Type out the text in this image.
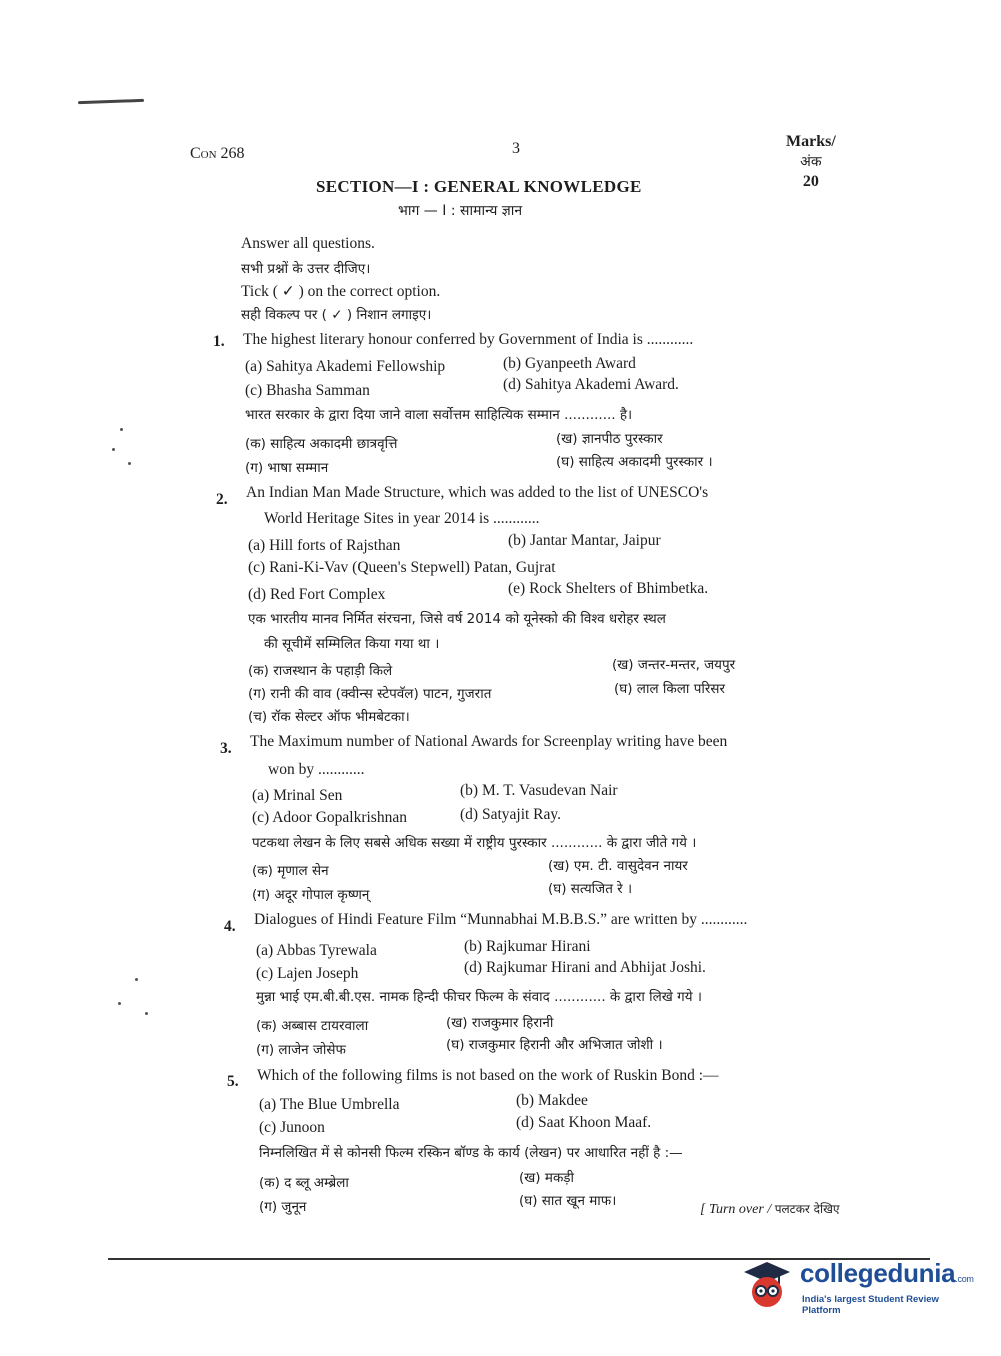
Con 268	3	Marks/
अंक
20
SECTION—I : GENERAL KNOWLEDGE
भाग — I : सामान्य ज्ञान
Answer all questions.
सभी प्रश्नों के उत्तर दीजिए।
Tick ( ✓ ) on the correct option.
सही विकल्प पर ( ✓ ) निशान लगाइए।
1. The highest literary honour conferred by Government of India is ............
(a) Sahitya Akademi Fellowship	(b) Gyanpeeth Award
(c) Bhasha Samman	(d) Sahitya Akademi Award.
भारत सरकार के द्वारा दिया जाने वाला सर्वोत्तम साहित्यिक सम्मान ............ है।
(क) साहित्य अकादमी छात्रवृत्ति	(ख) ज्ञानपीठ पुरस्कार
(ग) भाषा सम्मान	(घ) साहित्य अकादमी पुरस्कार ।
2. An Indian Man Made Structure, which was added to the list of UNESCO's
World Heritage Sites in year 2014 is ............
(a) Hill forts of Rajsthan	(b) Jantar Mantar, Jaipur
(c) Rani-Ki-Vav (Queen's Stepwell) Patan, Gujrat
(d) Red Fort Complex	(e) Rock Shelters of Bhimbetka.
एक भारतीय मानव निर्मित संरचना, जिसे वर्ष 2014 को यूनेस्को की विश्व धरोहर स्थल
की सूचीमें सम्मिलित किया गया था ।
(क) राजस्थान के पहाड़ी किले	(ख) जन्तर-मन्तर, जयपुर
(ग) रानी की वाव (क्वीन्स स्टेपवॅल) पाटन, गुजरात	(घ) लाल किला परिसर
(च) रॉक सेल्टर ऑफ भीमबेटका।
3. The Maximum number of National Awards for Screenplay writing have been
won by ............
(a) Mrinal Sen	(b) M. T. Vasudevan Nair
(c) Adoor Gopalkrishnan	(d) Satyajit Ray.
पटकथा लेखन के लिए सबसे अधिक सख्या में राष्ट्रीय पुरस्कार ............ के द्वारा जीते गये ।
(क) मृणाल सेन	(ख) एम. टी. वासुदेवन नायर
(ग) अदूर गोपाल कृष्णन्	(घ) सत्यजित रे ।
4. Dialogues of Hindi Feature Film “Munnabhai M.B.B.S.” are written by ............
(a) Abbas Tyrewala	(b) Rajkumar Hirani
(c) Lajen Joseph	(d) Rajkumar Hirani and Abhijat Joshi.
मुन्ना भाई एम.बी.बी.एस. नामक हिन्दी फीचर फिल्म के संवाद ............ के द्वारा लिखे गये ।
(क) अब्बास टायरवाला	(ख) राजकुमार हिरानी
(ग) लाजेन जोसेफ	(घ) राजकुमार हिरानी और अभिजात जोशी ।
5. Which of the following films is not based on the work of Ruskin Bond :—
(a) The Blue Umbrella	(b) Makdee
(c) Junoon	(d) Saat Khoon Maaf.
निम्नलिखित में से कोनसी फिल्म रस्किन बॉण्ड के कार्य (लेखन) पर आधारित नहीं है :—
(क) द ब्लू अम्ब्रेला	(ख) मकड़ी
(ग) जुनून	(घ) सात खून माफ।
[ Turn over / पलटकर देखिए
collegedunia.com
India's largest Student Review Platform
